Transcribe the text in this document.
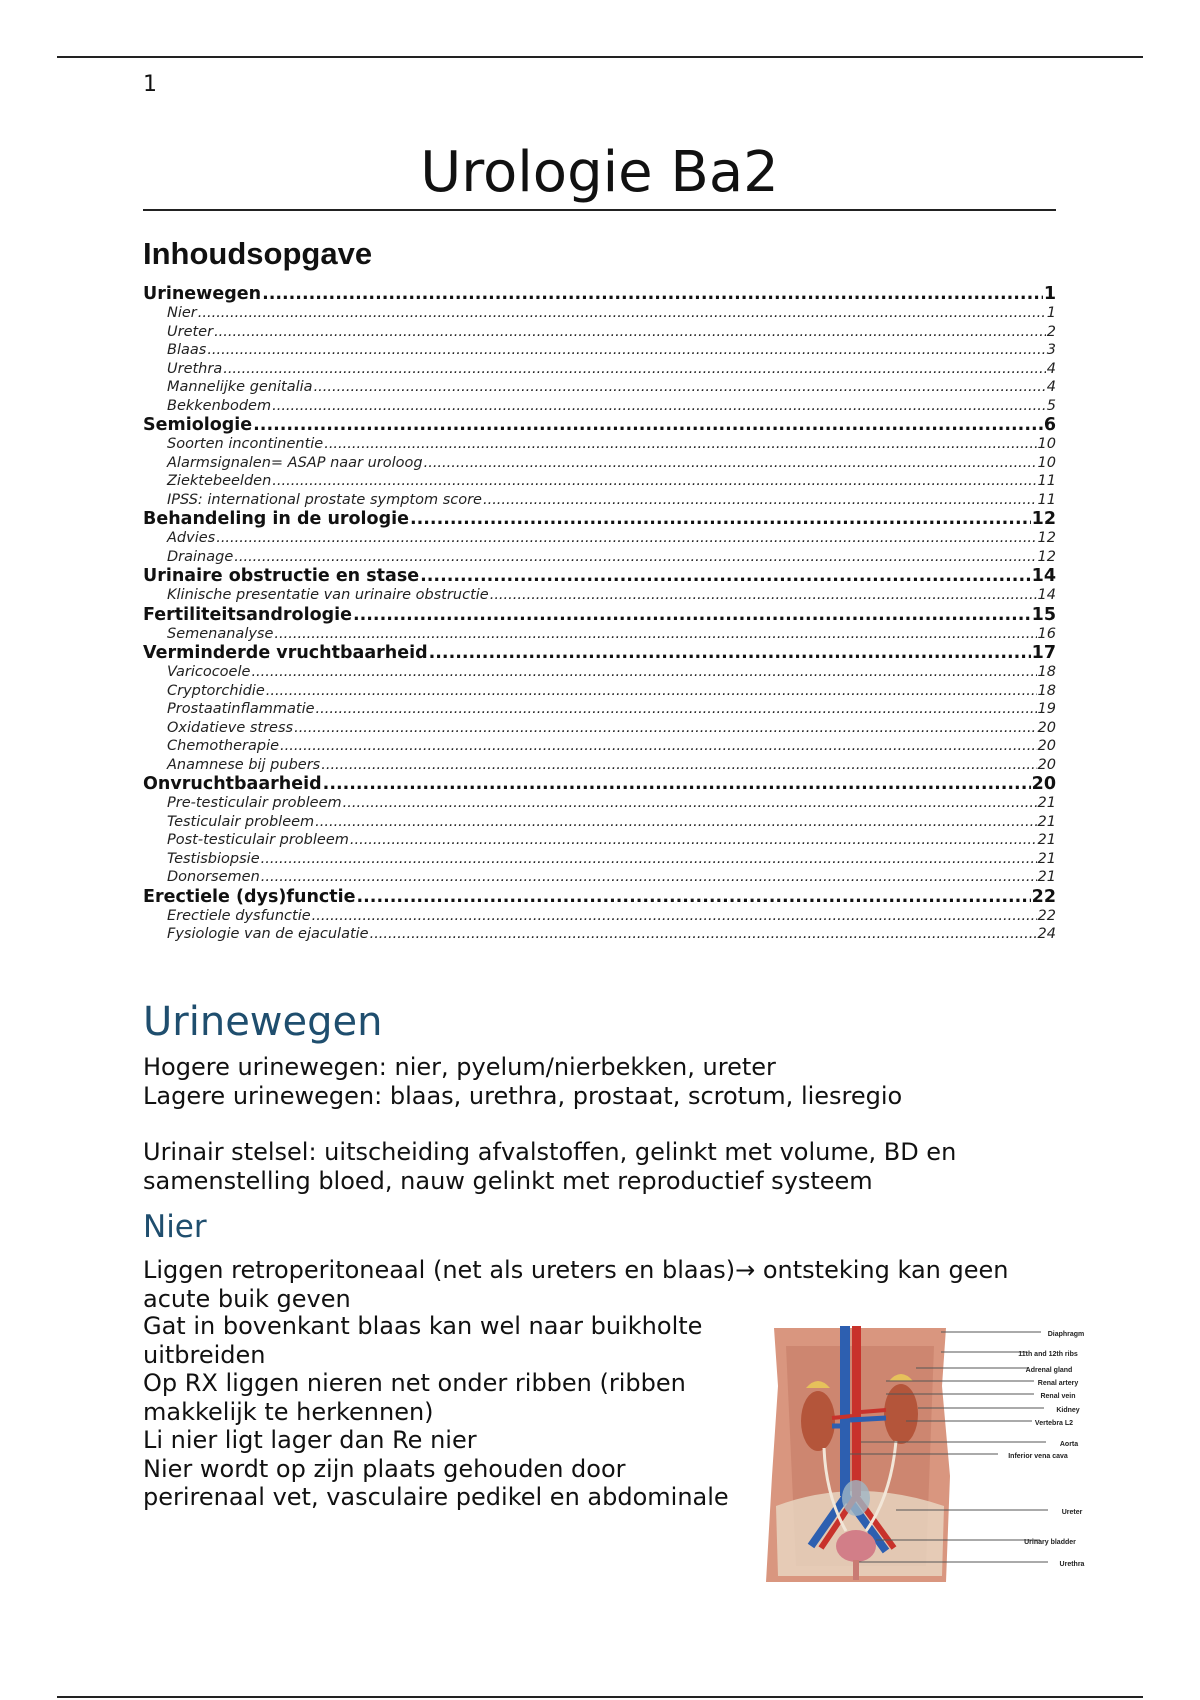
1
Urologie Ba2
Inhoudsopgave
Urinewegen .....	1
Nier .....	1
Ureter .....	2
Blaas .....	3
Urethra .....	4
Mannelijke genitalia .....	4
Bekkenbodem .....	5
Semiologie .....	6
Soorten incontinentie .....	10
Alarmsignalen= ASAP naar uroloog .....	10
Ziektebeelden .....	11
IPSS: international prostate symptom score .....	11
Behandeling in de urologie .....	12
Advies .....	12
Drainage .....	12
Urinaire obstructie en stase .....	14
Klinische presentatie van urinaire obstructie .....	14
Fertiliteitsandrologie .....	15
Semenanalyse .....	16
Verminderde vruchtbaarheid .....	17
Varicocoele .....	18
Cryptorchidie .....	18
Prostaatinflammatie .....	19
Oxidatieve stress .....	20
Chemotherapie .....	20
Anamnese bij pubers .....	20
Onvruchtbaarheid .....	20
Pre-testiculair probleem .....	21
Testiculair probleem .....	21
Post-testiculair probleem .....	21
Testisbiopsie .....	21
Donorsemen .....	21
Erectiele (dys)functie .....	22
Erectiele dysfunctie .....	22
Fysiologie van de ejaculatie .....	24
Urinewegen
Hogere urinewegen: nier, pyelum/nierbekken, ureter
Lagere urinewegen: blaas, urethra, prostaat, scrotum, liesregio
Urinair stelsel: uitscheiding afvalstoffen, gelinkt met volume, BD en samenstelling bloed, nauw gelinkt met reproductief systeem
Nier
Liggen retroperitoneaal (net als ureters en blaas)→ ontsteking kan geen acute buik geven
Gat in bovenkant blaas kan wel naar buikholte uitbreiden
Op RX liggen nieren net onder ribben (ribben makkelijk te herkennen)
Li nier ligt lager dan Re nier
Nier wordt op zijn plaats gehouden door perirenaal vet, vasculaire pedikel en abdominale
Diaphragm
11th and 12th ribs
Adrenal gland
Renal artery
Renal vein
Kidney
Vertebra L2
Aorta
Inferior vena cava
Ureter
Urinary bladder
Urethra
